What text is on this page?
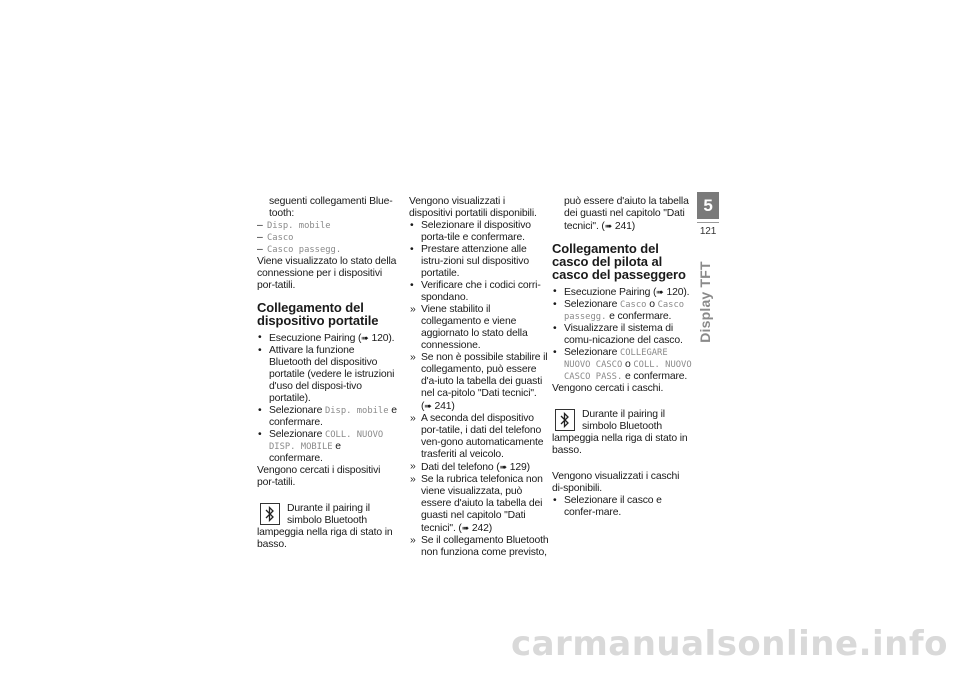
seguenti collegamenti Blue-tooth:

– Disp. mobile
– Casco
– Casco passegg.

Viene visualizzato lo stato della connessione per i dispositivi por-tatili.

Collegamento del dispositivo portatile
• Esecuzione Pairing (➠ 120).
• Attivare la funzione Bluetooth del dispositivo portatile (vedere le istruzioni d'uso del disposi-tivo portatile).
• Selezionare Disp. mobile e confermare.
• Selezionare COLL. NUOVO DISP. MOBILE e confermare.

Vengono cercati i dispositivi por-tatili.

Durante il pairing il simbolo Bluetooth lampeggia nella riga di stato in basso.

Vengono visualizzati i dispositivi portatili disponibili.

• Selezionare il dispositivo porta-tile e confermare.
• Prestare attenzione alle istru-zioni sul dispositivo portatile.
• Verificare che i codici corri-spondano.
» Viene stabilito il collegamento e viene aggiornato lo stato della connessione.
» Se non è possibile stabilire il collegamento, può essere d'a-iuto la tabella dei guasti nel ca-pitolo "Dati tecnici". (➠ 241)
» A seconda del dispositivo por-tatile, i dati del telefono ven-gono automaticamente trasferiti al veicolo.
» Dati del telefono (➠ 129)
» Se la rubrica telefonica non viene visualizzata, può essere d'aiuto la tabella dei guasti nel capitolo "Dati tecnici". (➠ 242)
» Se il collegamento Bluetooth non funziona come previsto,

può essere d'aiuto la tabella dei guasti nel capitolo "Dati tecnici". (➠ 241)

Collegamento del casco del pilota al casco del passeggero
• Esecuzione Pairing (➠ 120).
• Selezionare Casco o Casco passegg. e confermare.
• Visualizzare il sistema di comu-nicazione del casco.
• Selezionare COLLEGARE NUOVO CASCO o COLL. NUOVO CASCO PASS. e confermare.

Vengono cercati i caschi.

Durante il pairing il simbolo Bluetooth lampeggia nella riga di stato in basso.

Vengono visualizzati i caschi di-sponibili.

• Selezionare il casco e confer-mare.
5
121
Display TFT
carmanualsonline.info
